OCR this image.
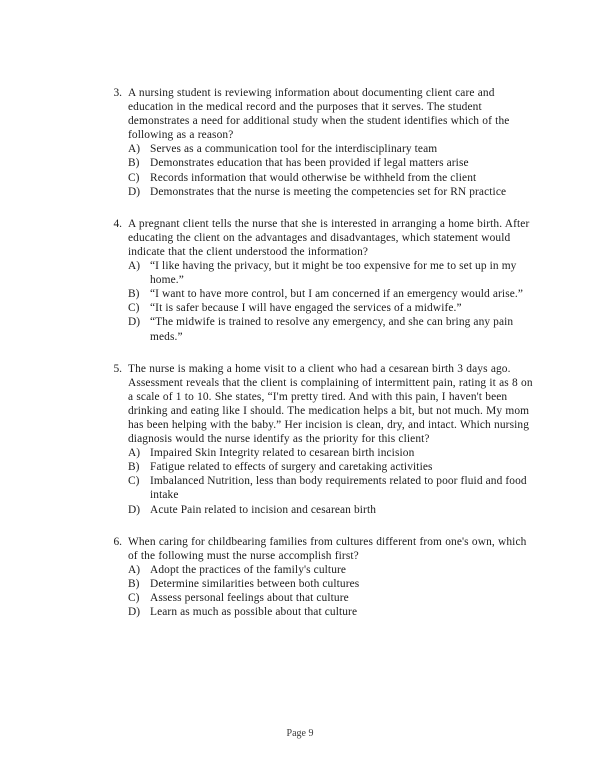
3. A nursing student is reviewing information about documenting client care and education in the medical record and the purposes that it serves. The student demonstrates a need for additional study when the student identifies which of the following as a reason?
A) Serves as a communication tool for the interdisciplinary team
B) Demonstrates education that has been provided if legal matters arise
C) Records information that would otherwise be withheld from the client
D) Demonstrates that the nurse is meeting the competencies set for RN practice
4. A pregnant client tells the nurse that she is interested in arranging a home birth. After educating the client on the advantages and disadvantages, which statement would indicate that the client understood the information?
A) “I like having the privacy, but it might be too expensive for me to set up in my home.”
B) “I want to have more control, but I am concerned if an emergency would arise.”
C) “It is safer because I will have engaged the services of a midwife.”
D) “The midwife is trained to resolve any emergency, and she can bring any pain meds.”
5. The nurse is making a home visit to a client who had a cesarean birth 3 days ago. Assessment reveals that the client is complaining of intermittent pain, rating it as 8 on a scale of 1 to 10. She states, “I'm pretty tired. And with this pain, I haven't been drinking and eating like I should. The medication helps a bit, but not much. My mom has been helping with the baby.” Her incision is clean, dry, and intact. Which nursing diagnosis would the nurse identify as the priority for this client?
A) Impaired Skin Integrity related to cesarean birth incision
B) Fatigue related to effects of surgery and caretaking activities
C) Imbalanced Nutrition, less than body requirements related to poor fluid and food intake
D) Acute Pain related to incision and cesarean birth
6. When caring for childbearing families from cultures different from one's own, which of the following must the nurse accomplish first?
A) Adopt the practices of the family's culture
B) Determine similarities between both cultures
C) Assess personal feelings about that culture
D) Learn as much as possible about that culture
Page 9
